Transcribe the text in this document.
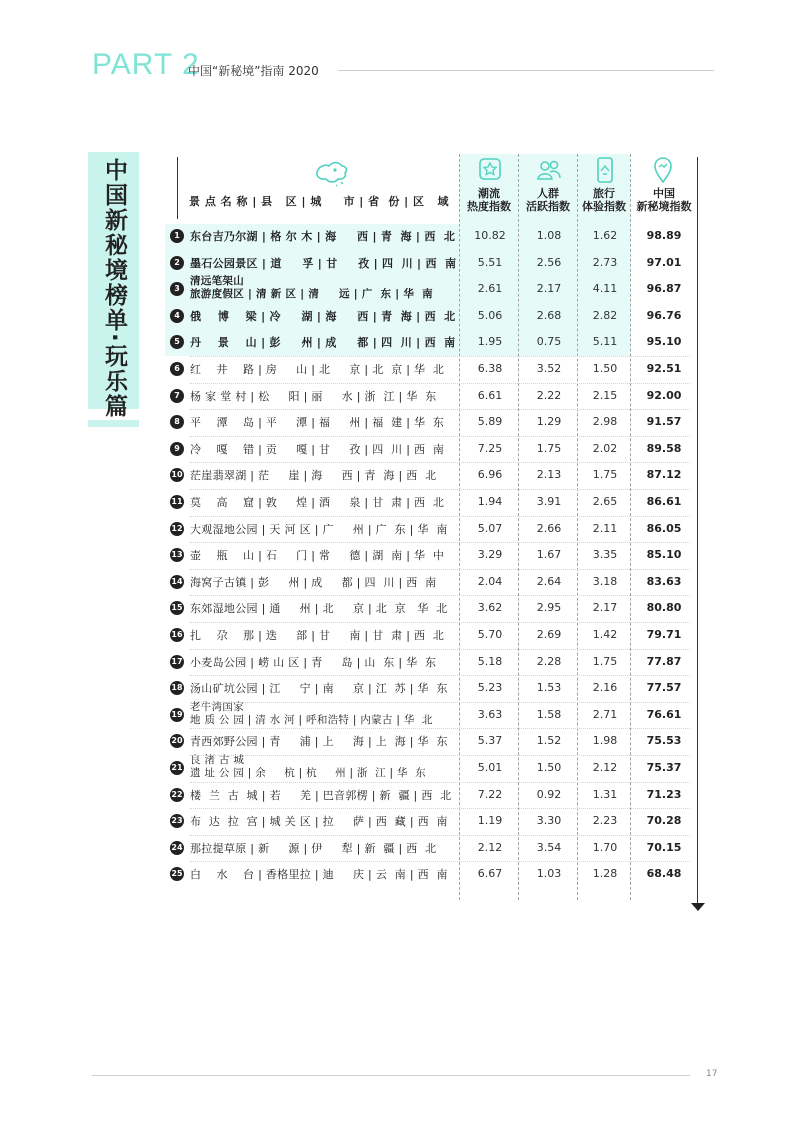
PART 2
中国“新秘境”指南 2020
中国新秘境榜单·玩乐篇	景 点 名 称 | 县   区 | 城     市 | 省  份 | 区   域
潮流
热度指数
人群
活跃指数
旅行
体验指数
中国
新秘境指数
1 东台吉乃尔湖 | 格 尔 木 | 海     西 | 青  海 | 西  北	10.82	1.08	1.62	98.89
2 墨石公园景区 | 道     孚 | 甘     孜 | 四  川 | 西  南	5.51	2.56	2.73	97.01
3
清远笔架山
旅游度假区 | 清 新 区 | 清     远 | 广  东 | 华  南	2.61	2.17	4.11	96.87
4 俄    博    梁 | 冷     湖 | 海     西 | 青  海 | 西  北	5.06	2.68	2.82	96.76
5 丹    景    山 | 彭     州 | 成     都 | 四  川 | 西  南	1.95	0.75	5.11	95.10
6 红    井    路 | 房     山 | 北     京 | 北  京 | 华  北	6.38	3.52	1.50	92.51
7 杨 家 堂 村 | 松     阳 | 丽     水 | 浙  江 | 华  东	6.61	2.22	2.15	92.00
8 平    潭    岛 | 平     潭 | 福     州 | 福  建 | 华  东	5.89	1.29	2.98	91.57
9 冷    嘎    错 | 贡     嘎 | 甘     孜 | 四  川 | 西  南	7.25	1.75	2.02	89.58
10 茫崖翡翠湖 | 茫     崖 | 海     西 | 青  海 | 西  北	6.96	2.13	1.75	87.12
11 莫    高    窟 | 敦     煌 | 酒     泉 | 甘  肃 | 西  北	1.94	3.91	2.65	86.61
12 大观湿地公园 | 天 河 区 | 广     州 | 广  东 | 华  南	5.07	2.66	2.11	86.05
13 壶    瓶    山 | 石     门 | 常     德 | 湖  南 | 华  中	3.29	1.67	3.35	85.10
14 海窝子古镇 | 彭     州 | 成     都 | 四  川 | 西  南	2.04	2.64	3.18	83.63
15 东郊湿地公园 | 通     州 | 北     京 | 北  京   华  北	3.62	2.95	2.17	80.80
16 扎    尕    那 | 迭     部 | 甘     南 | 甘  肃 | 西  北	5.70	2.69	1.42	79.71
17 小麦岛公园 | 崂 山 区 | 青     岛 | 山  东 | 华  东	5.18	2.28	1.75	77.87
18 汤山矿坑公园 | 江     宁 | 南     京 | 江  苏 | 华  东	5.23	1.53	2.16	77.57
19
老牛湾国家
地 质 公 园 | 清 水 河 | 呼和浩特 | 内蒙古 | 华  北	3.63	1.58	2.71	76.61
20 青西郊野公园 | 青     浦 | 上     海 | 上  海 | 华  东	5.37	1.52	1.98	75.53
21
良 渚 古 城
遗 址 公 园 | 余     杭 | 杭     州 | 浙  江 | 华  东	5.01	1.50	2.12	75.37
22 楼  兰  古  城 | 若     羌 | 巴音郭楞 | 新  疆 | 西  北	7.22	0.92	1.31	71.23
23 布  达  拉  宫 | 城 关 区 | 拉     萨 | 西  藏 | 西  南	1.19	3.30	2.23	70.28
24 那拉提草原 | 新     源 | 伊     犁 | 新  疆 | 西  北	2.12	3.54	1.70	70.15
25 白    水    台 | 香格里拉 | 迪     庆 | 云  南 | 西  南	6.67	1.03	1.28	68.48
17
